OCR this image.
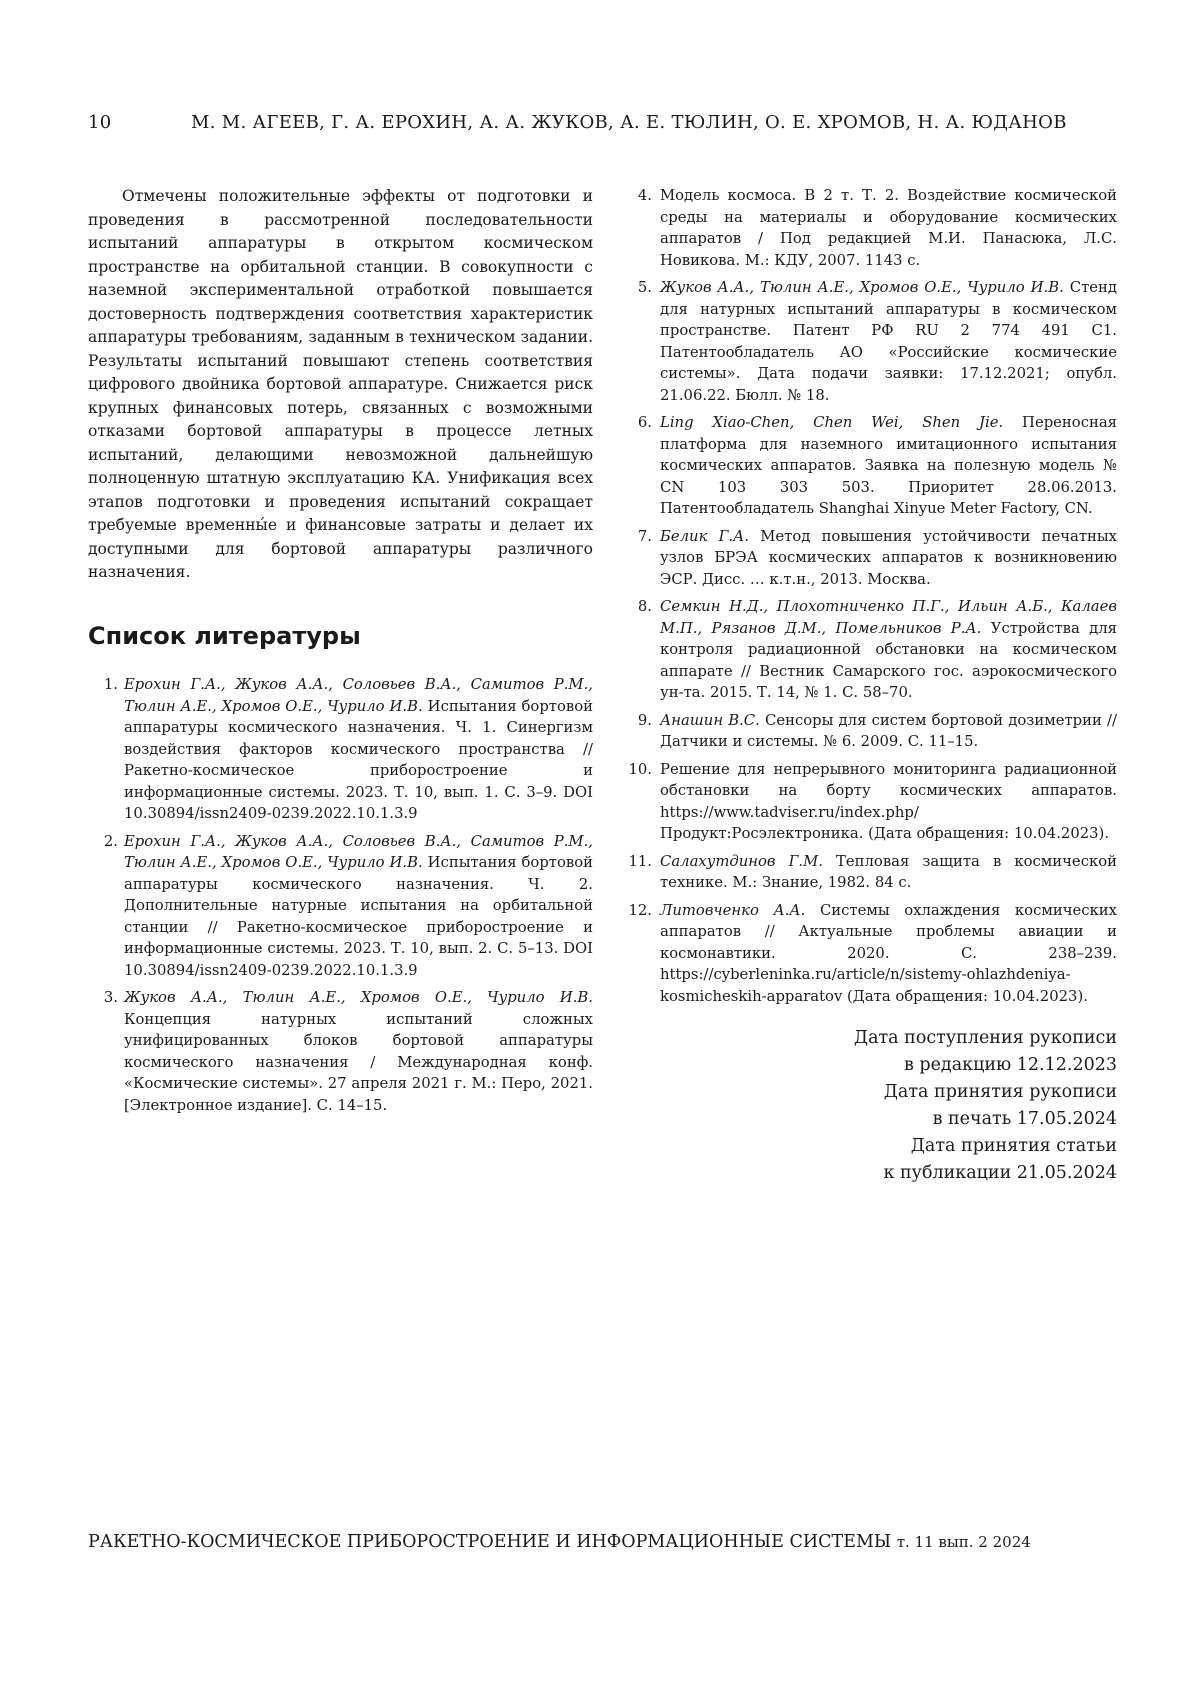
10	М. М. АГЕЕВ, Г. А. ЕРОХИН, А. А. ЖУКОВ, А. Е. ТЮЛИН, О. Е. ХРОМОВ, Н. А. ЮДАНОВ

Отмечены положительные эффекты от подготовки и проведения в рассмотренной последовательности испытаний аппаратуры в открытом космическом пространстве на орбитальной станции. В совокупности с наземной экспериментальной отработкой повышается достоверность подтверждения соответствия характеристик аппаратуры требованиям, заданным в техническом задании. Результаты испытаний повышают степень соответствия цифрового двойника бортовой аппаратуре. Снижается риск крупных финансовых потерь, связанных с возможными отказами бортовой аппаратуры в процессе летных испытаний, делающими невозможной дальнейшую полноценную штатную эксплуатацию КА. Унификация всех этапов подготовки и проведения испытаний сокращает требуемые временны́е и финансовые затраты и делает их доступными для бортовой аппаратуры различного назначения.

Список литературы
1. Ерохин Г.А., Жуков А.А., Соловьев В.А., Самитов Р.М., Тюлин А.Е., Хромов О.Е., Чурило И.В. Испытания бортовой аппаратуры космического назначения. Ч. 1. Синергизм воздействия факторов космического пространства // Ракетно-космическое приборостроение и информационные системы. 2023. Т. 10, вып. 1. С. 3–9. DOI 10.30894/issn2409-0239.2022.10.1.3.9
2. Ерохин Г.А., Жуков А.А., Соловьев В.А., Самитов Р.М., Тюлин А.Е., Хромов О.Е., Чурило И.В. Испытания бортовой аппаратуры космического назначения. Ч. 2. Дополнительные натурные испытания на орбитальной станции // Ракетно-космическое приборостроение и информационные системы. 2023. Т. 10, вып. 2. С. 5–13. DOI 10.30894/issn2409-0239.2022.10.1.3.9
3. Жуков А.А., Тюлин А.Е., Хромов О.Е., Чурило И.В. Концепция натурных испытаний сложных унифицированных блоков бортовой аппаратуры космического назначения / Международная конф. «Космические системы». 27 апреля 2021 г. М.: Перо, 2021. [Электронное издание]. С. 14–15.
4. Модель космоса. В 2 т. Т. 2. Воздействие космической среды на материалы и оборудование космических аппаратов / Под редакцией М.И. Панасюка, Л.С. Новикова. М.: КДУ, 2007. 1143 с.
5. Жуков А.А., Тюлин А.Е., Хромов О.Е., Чурило И.В. Стенд для натурных испытаний аппаратуры в космическом пространстве. Патент РФ RU 2 774 491 C1. Патентообладатель АО «Российские космические системы». Дата подачи заявки: 17.12.2021; опубл. 21.06.22. Бюлл. № 18.
6. Ling Xiao-Chen, Chen Wei, Shen Jie. Переносная платформа для наземного имитационного испытания космических аппаратов. Заявка на полезную модель № CN 103 303 503. Приоритет 28.06.2013. Патентообладатель Shanghai Xinyue Meter Factory, CN.
7. Белик Г.А. Метод повышения устойчивости печатных узлов БРЭА космических аппаратов к возникновению ЭСР. Дисс. … к.т.н., 2013. Москва.
8. Семкин Н.Д., Плохотниченко П.Г., Ильин А.Б., Калаев М.П., Рязанов Д.М., Помельников Р.А. Устройства для контроля радиационной обстановки на космическом аппарате // Вестник Самарского гос. аэрокосмического ун-та. 2015. Т. 14, № 1. С. 58–70.
9. Анашин В.С. Сенсоры для систем бортовой дозиметрии // Датчики и системы. № 6. 2009. С. 11–15.
10. Решение для непрерывного мониторинга радиационной обстановки на борту космических аппаратов. https://www.tadviser.ru/index.php/Продукт:Росэлектроника. (Дата обращения: 10.04.2023).
11. Салахутдинов Г.М. Тепловая защита в космической технике. М.: Знание, 1982. 84 с.
12. Литовченко А.А. Системы охлаждения космических аппаратов // Актуальные проблемы авиации и космонавтики. 2020. С. 238–239. https://cyberleninka.ru/article/n/sistemy-ohlazhdeniya-kosmicheskih-apparatov (Дата обращения: 10.04.2023).
Дата поступления рукописи
в редакцию 12.12.2023
Дата принятия рукописи
в печать 17.05.2024
Дата принятия статьи
к публикации 21.05.2024
РАКЕТНО-КОСМИЧЕСКОЕ ПРИБОРОСТРОЕНИЕ И ИНФОРМАЦИОННЫЕ СИСТЕМЫ т. 11 вып. 2 2024
